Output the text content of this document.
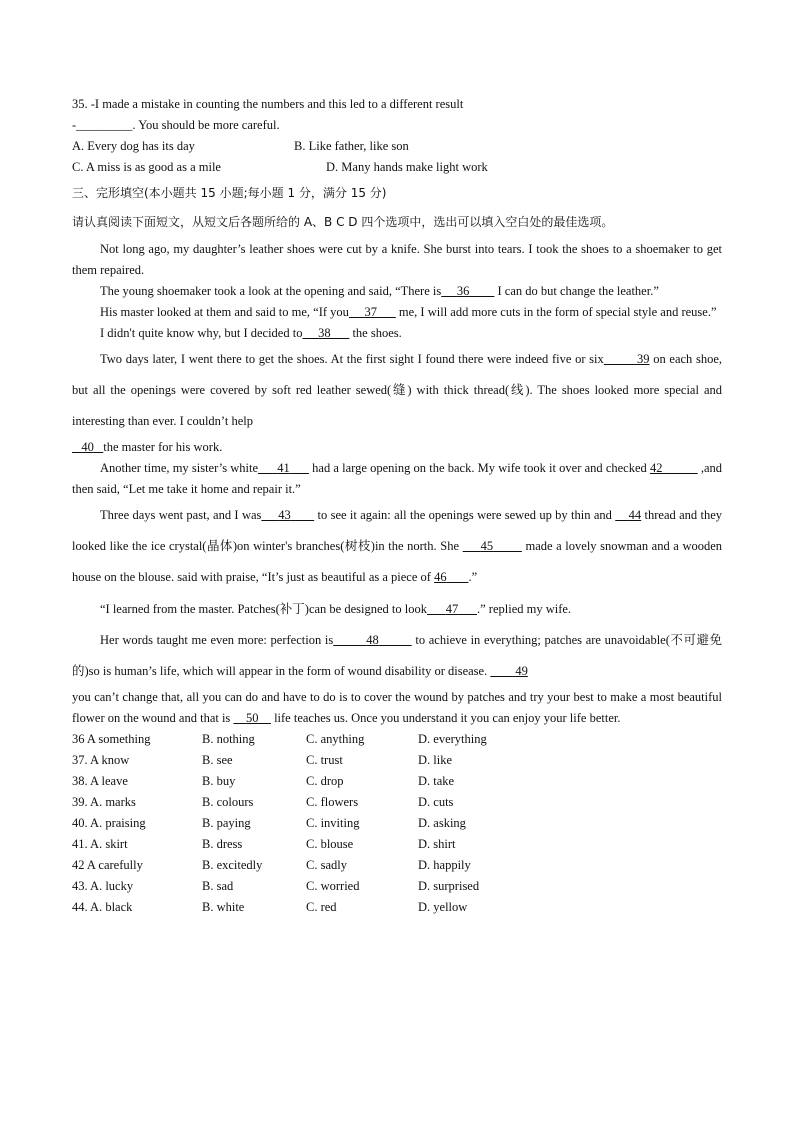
35. -I made a mistake in counting the numbers and this led to a different result
-_________. You should be more careful.
A. Every dog has its day	B. Like father, like son
C. A miss is as good as a mile	D. Many hands make light work
三、完形填空(本小题共 15 小题;每小题 1 分，满分 15 分)
请认真阅读下面短文，从短文后各题所给的 A、B C D 四个选项中，选出可以填入空白处的最佳选项。

Not long ago, my daughter’s leather shoes were cut by a knife. She burst into tears. I took the shoes to a shoemaker to get them repaired.

The young shoemaker took a look at the opening and said, “There is 36 I can do but change the leather.”

His master looked at them and said to me, “If you 37 me, I will add more cuts in the form of special style and reuse.”

I didn't quite know why, but I decided to 38 the shoes.

Two days later, I went there to get the shoes. At the first sight I found there were indeed five or six	39 on each shoe, but all the openings were covered by soft red leather sewed(缝) with thick thread(线). The shoes looked more special and interesting than ever. I couldn’t help

40 the master for his work.

Another time, my sister’s white 41 had a large opening on the back. My wife took it over and checked 42	,and then said, “Let me take it home and repair it.”

Three days went past, and I was 43 to see it again: all the openings were sewed up by thin and 44 thread and they looked like the ice crystal(晶体)on winter's branches(树枝)in the north. She 45	made a lovely snowman and a wooden house on the blouse. said with praise, “It’s just as beautiful as a piece of 46 .”

“I learned from the master. Patches(补丁)can be designed to look 47 .” replied my wife.

Her words taught me even more: perfection is	48	to achieve in everything; patches are unavoidable(不可避免的)so is human’s life, which will appear in the form of wound disability or disease. 49

you can’t change that, all you can do and have to do is to cover the wound by patches and try your best to make a most beautiful flower on the wound and that is 50 life teaches us. Once you understand it you can enjoy your life better.

36 A something	B. nothing	C. anything	D. everything
37. A know	B. see	C. trust	D. like
38. A leave	B. buy	C. drop	D. take
39. A. marks	B. colours	C. flowers	D. cuts
40. A. praising	B. paying	C. inviting	D. asking
41. A. skirt	B. dress	C. blouse	D. shirt
42 A carefully	B. excitedly	C. sadly	D. happily
43. A. lucky	B. sad	C. worried	D. surprised
44. A. black	B. white	C. red	D. yellow
